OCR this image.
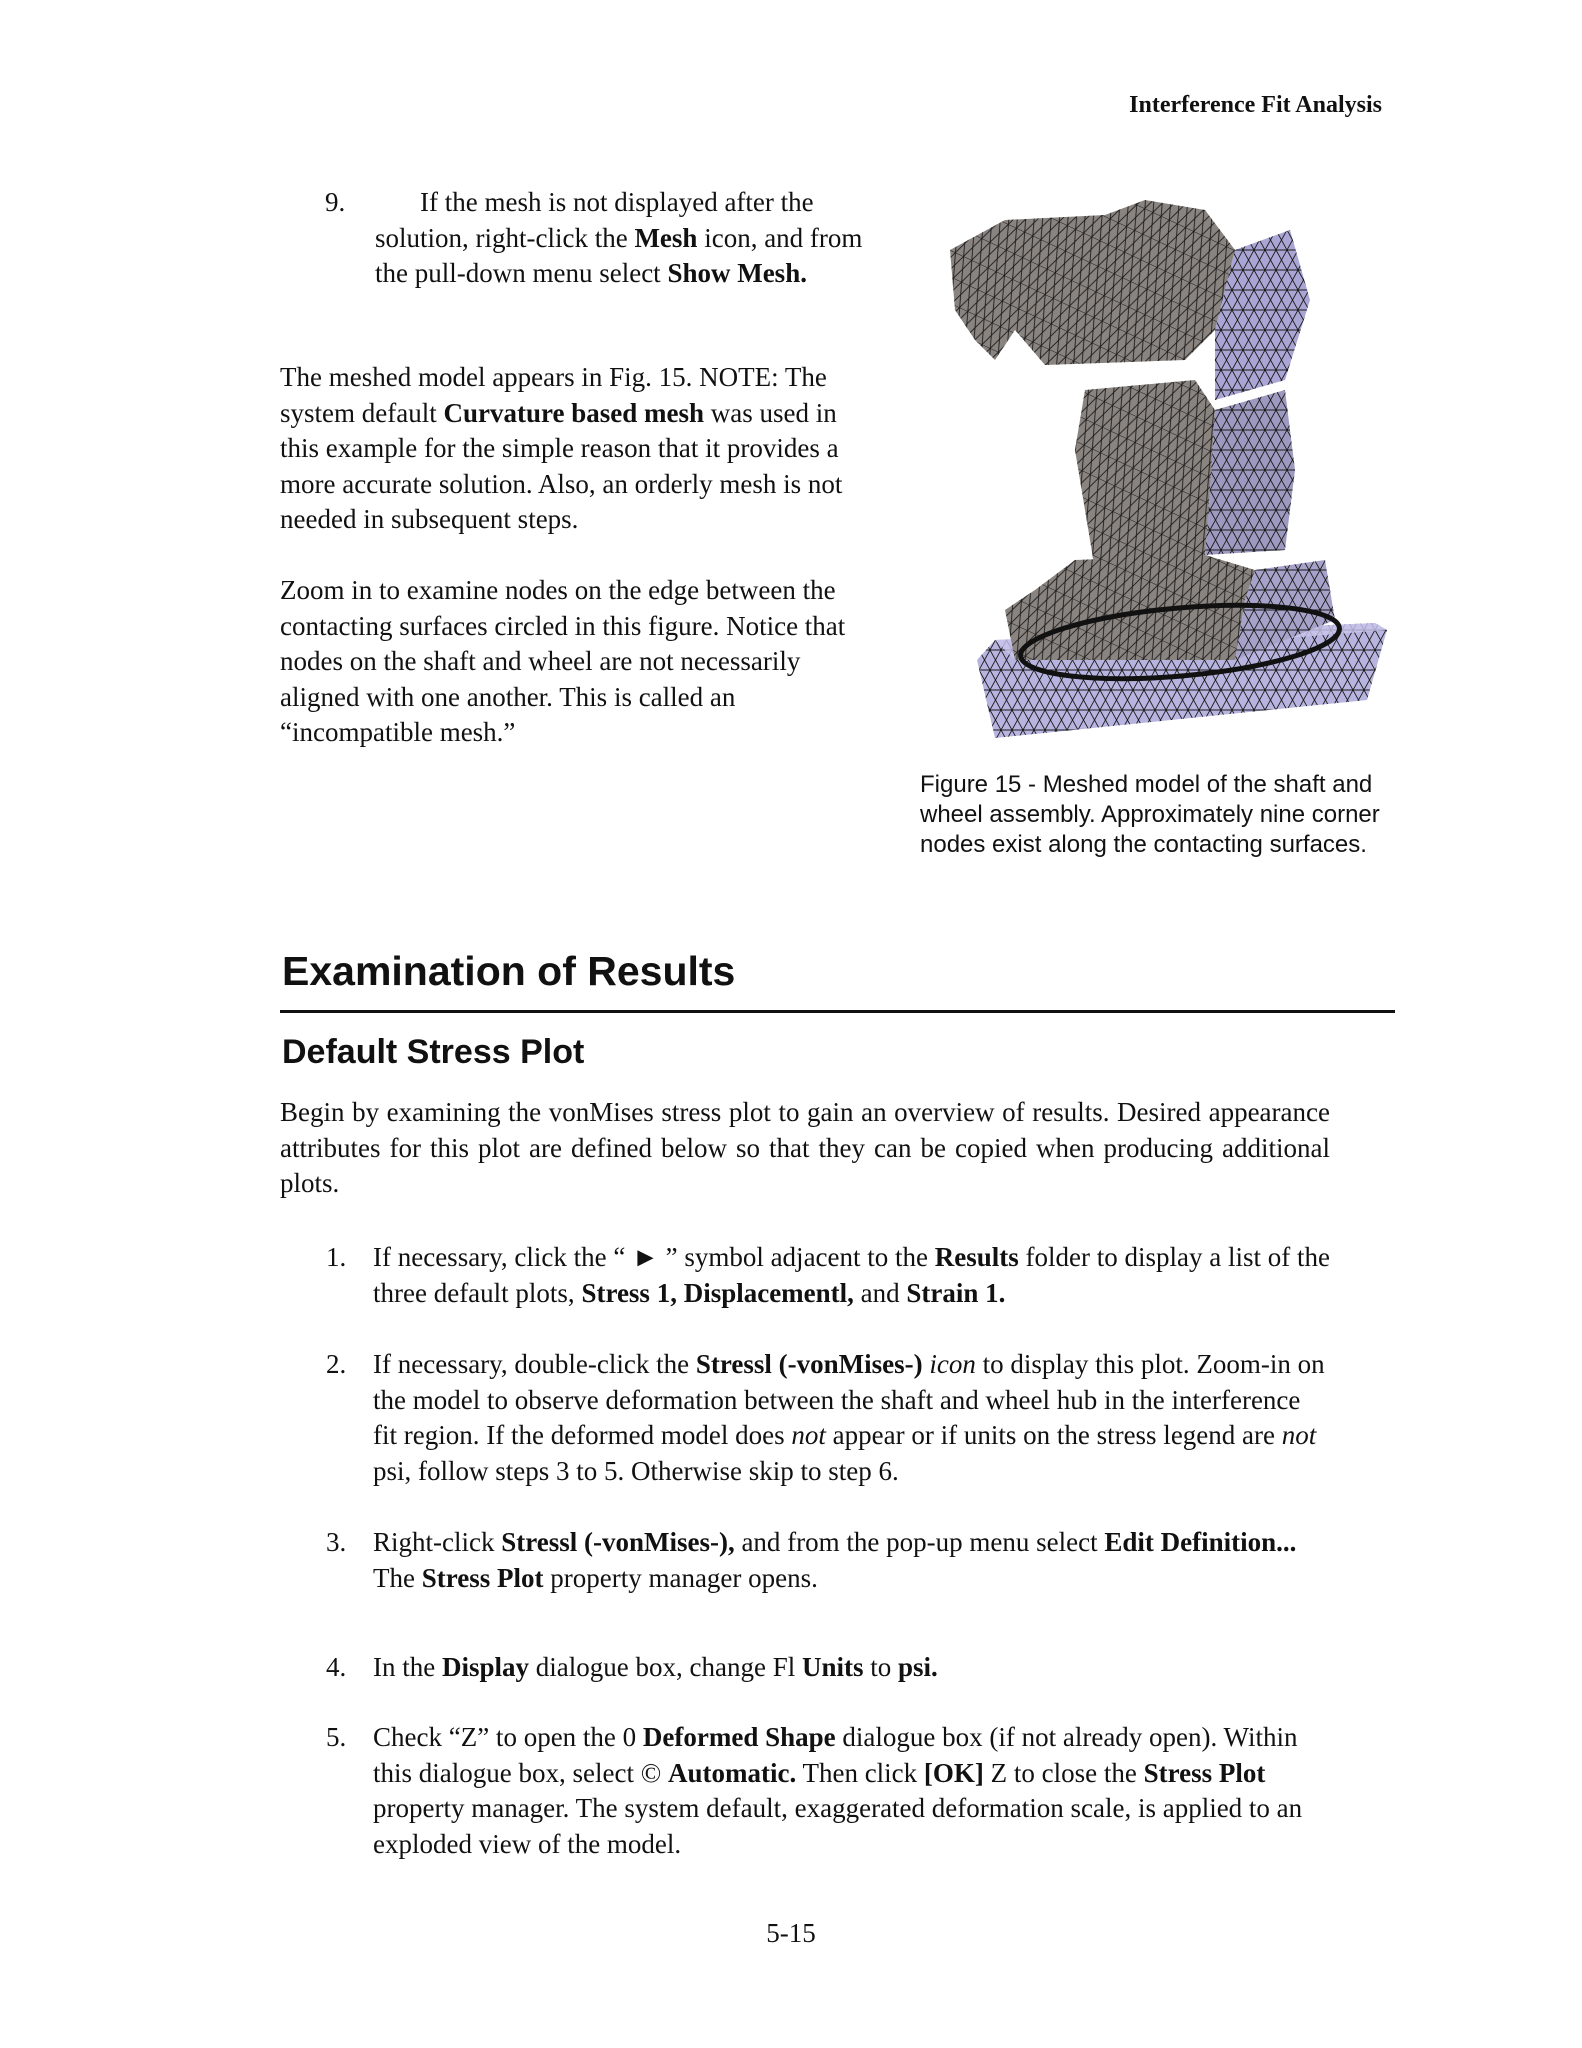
Interference Fit Analysis
9.	If the mesh is not displayed after the solution, right-click the Mesh icon, and from the pull-down menu select Show Mesh.

The meshed model appears in Fig. 15. NOTE: The system default Curvature based mesh was used in this example for the simple reason that it provides a more accurate solution. Also, an orderly mesh is not needed in subsequent steps.

Zoom in to examine nodes on the edge between the contacting surfaces circled in this figure. Notice that nodes on the shaft and wheel are not necessarily aligned with one another. This is called an “incompatible mesh.”

Figure 15 - Meshed model of the shaft and wheel assembly. Approximately nine corner nodes exist along the contacting surfaces.

Examination of Results
Default Stress Plot

Begin by examining the vonMises stress plot to gain an overview of results. Desired appearance attributes for this plot are defined below so that they can be copied when producing additional plots.

1. If necessary, click the “ ► ” symbol adjacent to the Results folder to display a list of the three default plots, Stress 1, Displacementl, and Strain 1.
2. If necessary, double-click the Stressl (-vonMises-) icon to display this plot. Zoom-in on the model to observe deformation between the shaft and wheel hub in the interference fit region. If the deformed model does not appear or if units on the stress legend are not psi, follow steps 3 to 5. Otherwise skip to step 6.
3. Right-click Stressl (-vonMises-), and from the pop-up menu select Edit Definition... The Stress Plot property manager opens.
4. In the Display dialogue box, change Fl Units to psi.
5. Check “Z” to open the 0 Deformed Shape dialogue box (if not already open). Within this dialogue box, select © Automatic. Then click [OK] Z to close the Stress Plot property manager. The system default, exaggerated deformation scale, is applied to an exploded view of the model.
5-15
